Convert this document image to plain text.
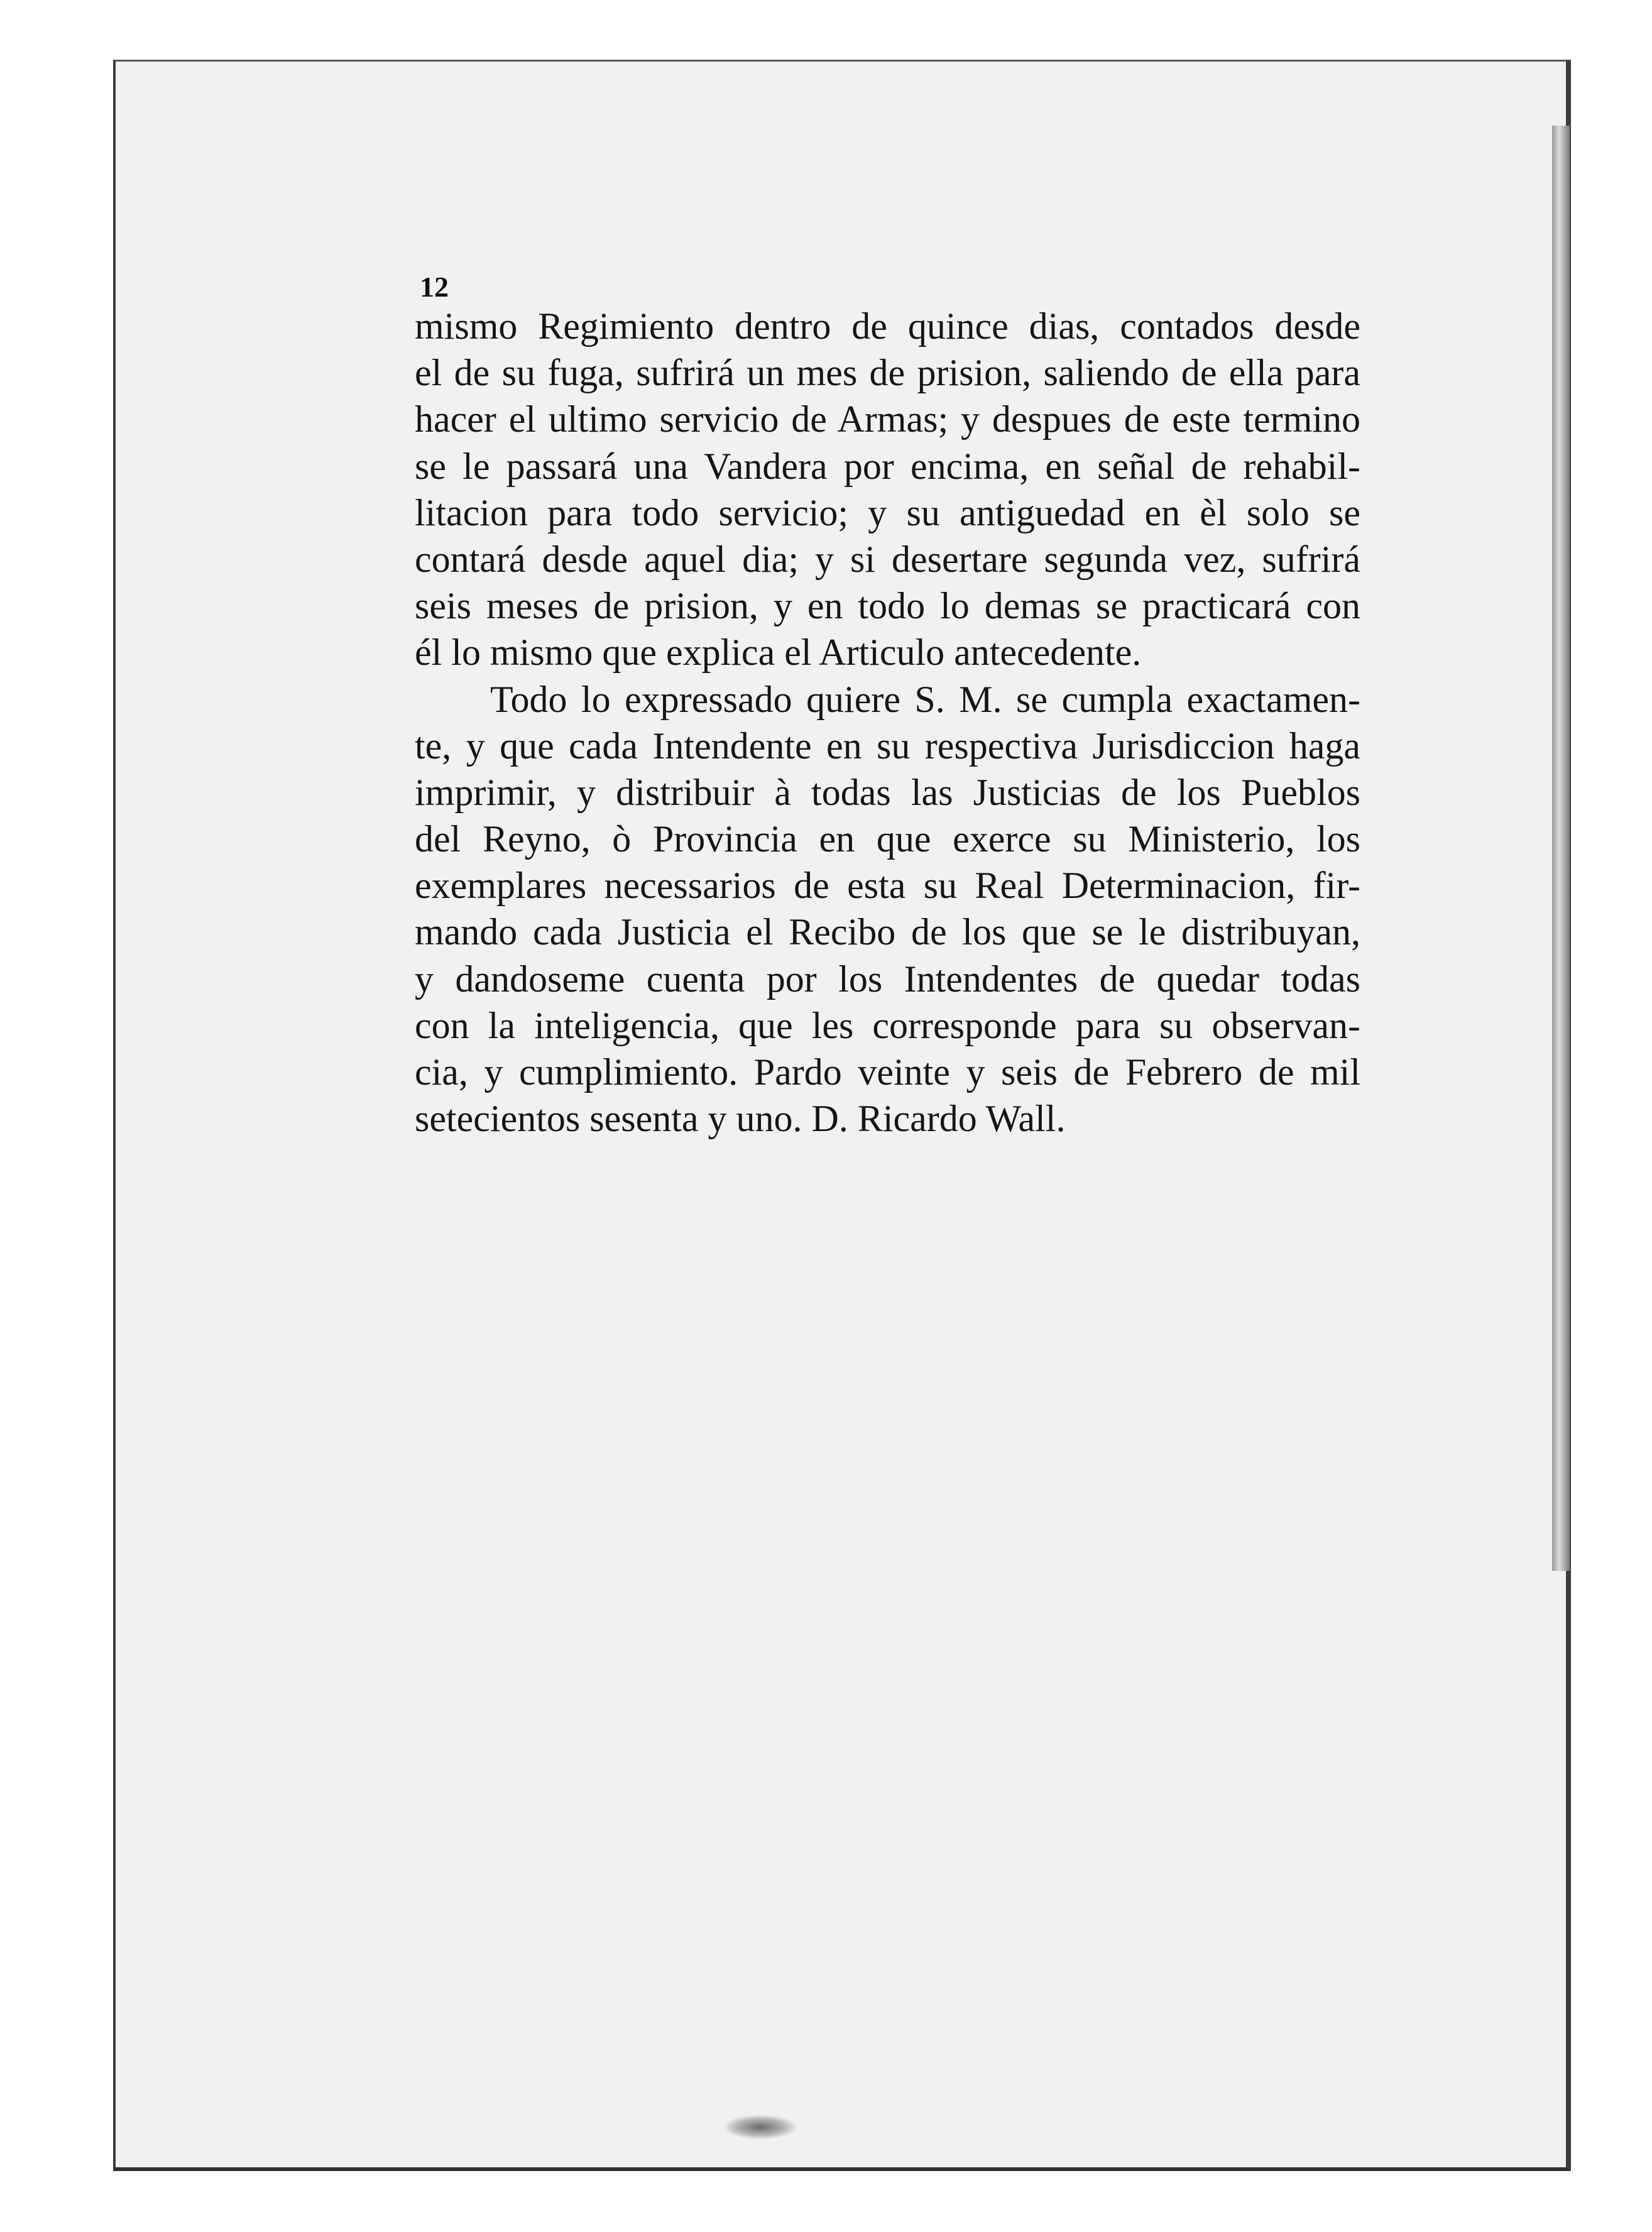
12
mismo Regimiento dentro de quince dias, contados desde
el de su fuga, sufrirá un mes de prision, saliendo de ella para
hacer el ultimo servicio de Armas; y despues de este termino
se le passará una Vandera por encima, en señal de rehabil-
litacion para todo servicio; y su antiguedad en èl solo se
contará desde aquel dia; y si desertare segunda vez, sufrirá
seis meses de prision, y en todo lo demas se practicará con
él lo mismo que explica el Articulo antecedente.
Todo lo expressado quiere S. M. se cumpla exactamen-
te, y que cada Intendente en su respectiva Jurisdiccion haga
imprimir, y distribuir à todas las Justicias de los Pueblos
del Reyno, ò Provincia en que exerce su Ministerio, los
exemplares necessarios de esta su Real Determinacion, fir-
mando cada Justicia el Recibo de los que se le distribuyan,
y dandoseme cuenta por los Intendentes de quedar todas
con la inteligencia, que les corresponde para su observan-
cia, y cumplimiento. Pardo veinte y seis de Febrero de mil
setecientos sesenta y uno. D. Ricardo Wall.
